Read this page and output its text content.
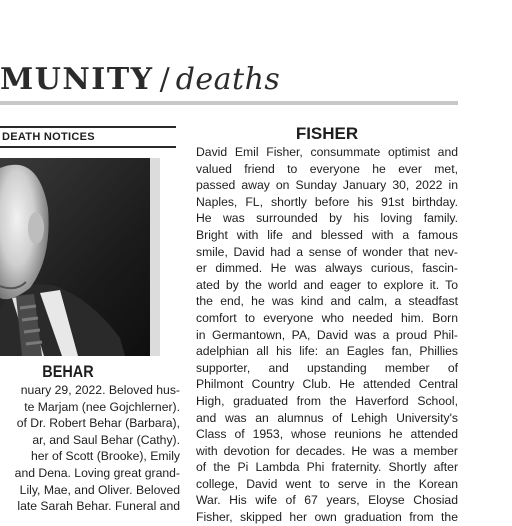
MUNITY / deaths
DEATH NOTICES
BEHAR
nuary 29, 2022. Beloved hus-
te Marjam (nee Gojchlerner).
of Dr. Robert Behar (Barbara),
ar, and Saul Behar (Cathy).
her of Scott (Brooke), Emily
and Dena. Loving great grand-
Lily, Mae, and Oliver. Beloved
late Sarah Behar. Funeral and
FISHER
David Emil Fisher, consummate optimist and
valued friend to everyone he ever met,
passed away on Sunday January 30, 2022 in
Naples, FL, shortly before his 91st birthday.
He was surrounded by his loving family.
Bright with life and blessed with a famous
smile, David had a sense of wonder that nev-
er dimmed. He was always curious, fascin-
ated by the world and eager to explore it. To
the end, he was kind and calm, a steadfast
comfort to everyone who needed him. Born
in Germantown, PA, David was a proud Phil-
adelphian all his life: an Eagles fan, Phillies
supporter, and upstanding member of
Philmont Country Club. He attended Central
High, graduated from the Haverford School,
and was an alumnus of Lehigh University's
Class of 1953, whose reunions he attended
with devotion for decades. He was a member
of the Pi Lambda Phi fraternity. Shortly after
college, David went to serve in the Korean
War. His wife of 67 years, Eloyse Chosiad
Fisher, skipped her own graduation from the
